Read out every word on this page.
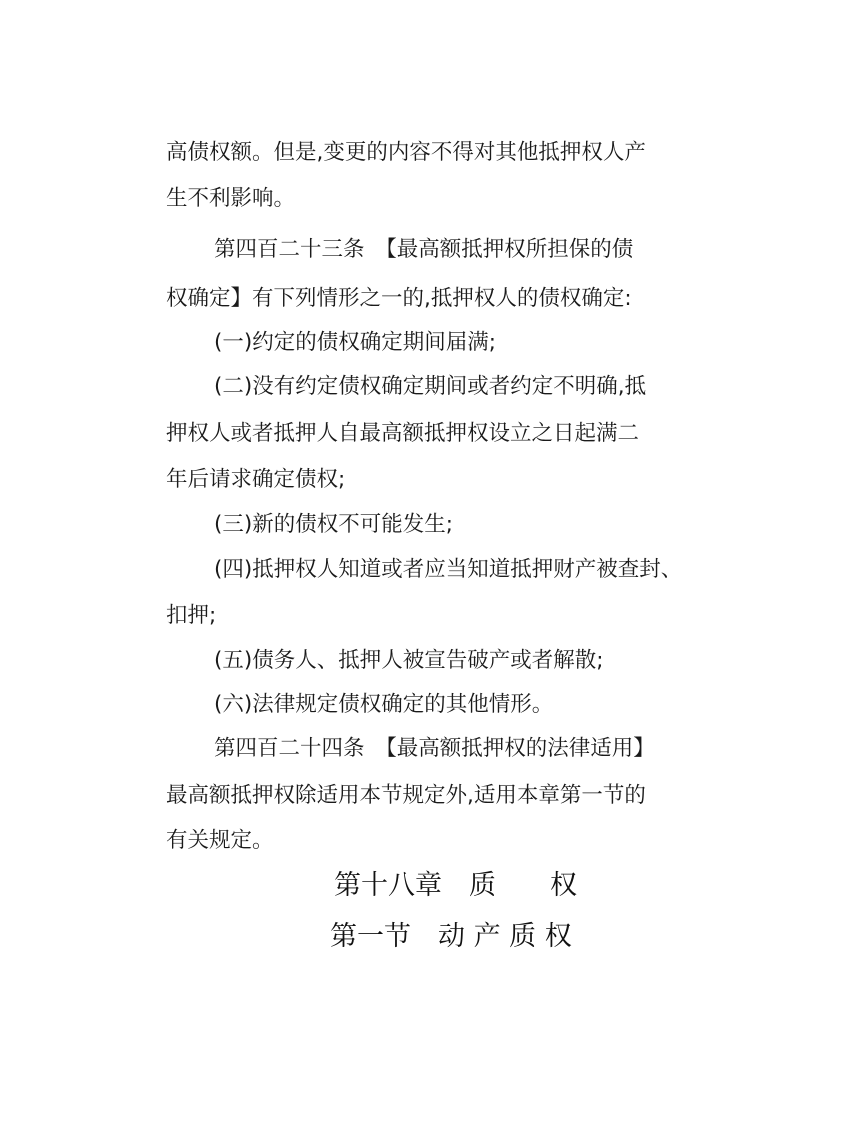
高债权额。但是,变更的内容不得对其他抵押权人产
生不利影响。
第四百二十三条　【最高额抵押权所担保的债
权确定】有下列情形之一的,抵押权人的债权确定:
(一)约定的债权确定期间届满;
(二)没有约定债权确定期间或者约定不明确,抵
押权人或者抵押人自最高额抵押权设立之日起满二
年后请求确定债权;
(三)新的债权不可能发生;
(四)抵押权人知道或者应当知道抵押财产被查封、
扣押;
(五)债务人、抵押人被宣告破产或者解散;
(六)法律规定债权确定的其他情形。
第四百二十四条　【最高额抵押权的法律适用】
最高额抵押权除适用本节规定外,适用本章第一节的
有关规定。
第十八章　质　　权
第一节　动 产 质 权
